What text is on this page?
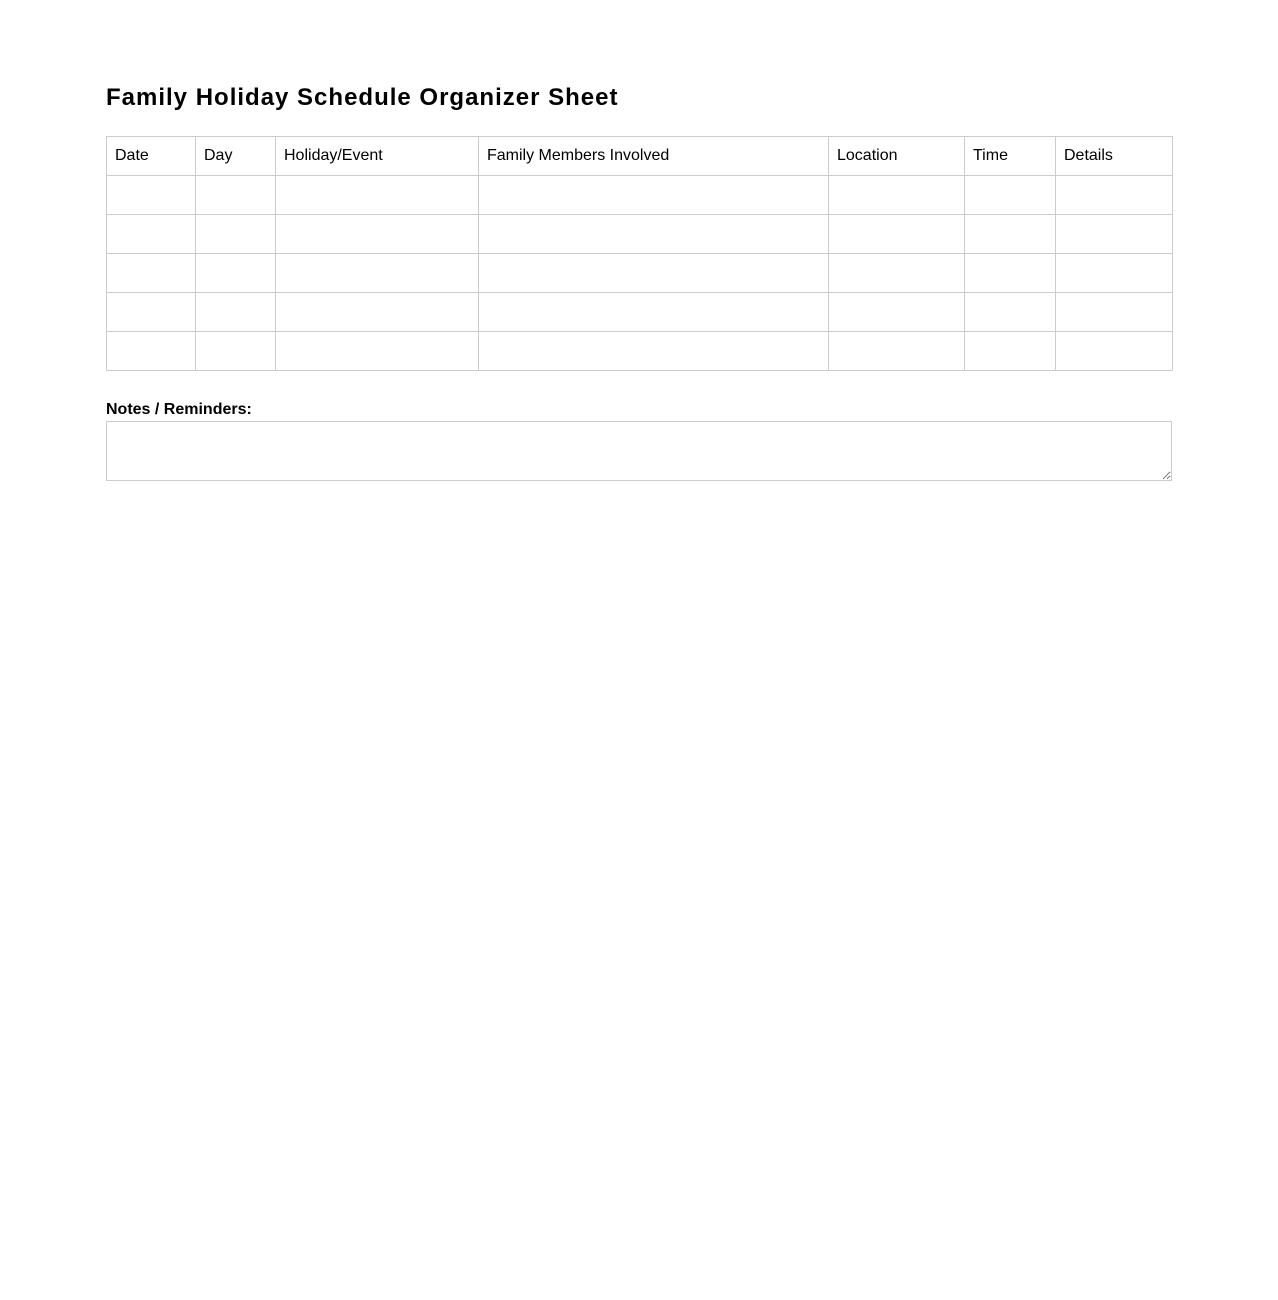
Family Holiday Schedule Organizer Sheet
Date	Day	Holiday/Event	Family Members Involved	Location	Time	Details

Notes / Reminders:
